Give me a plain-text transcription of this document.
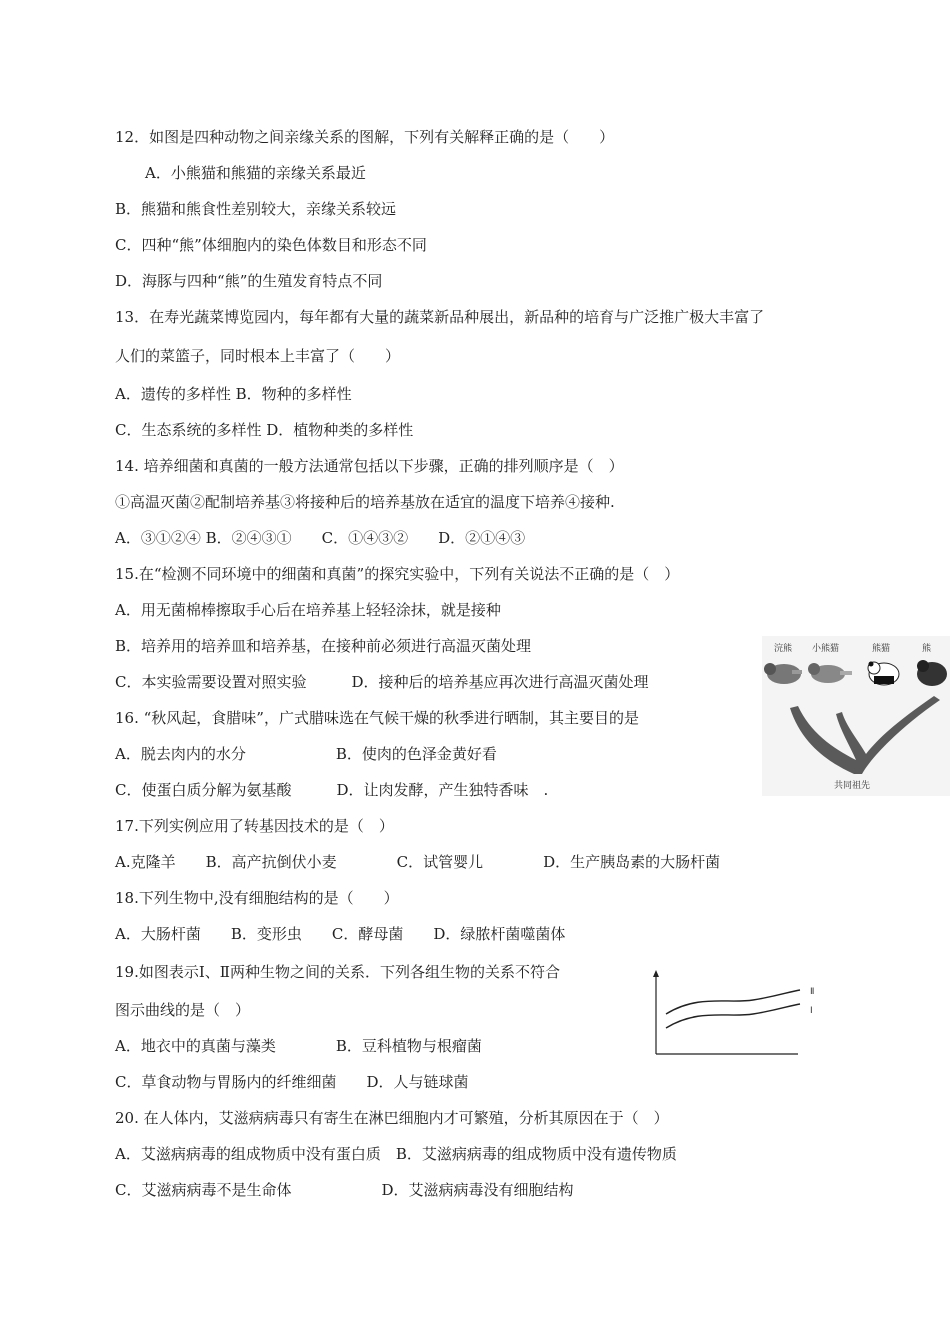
12．如图是四种动物之间亲缘关系的图解，下列有关解释正确的是（　　）
A．小熊猫和熊猫的亲缘关系最近
B．熊猫和熊食性差别较大，亲缘关系较远
C．四种“熊”体细胞内的染色体数目和形态不同
D．海豚与四种“熊”的生殖发育特点不同
13．在寿光蔬菜博览园内，每年都有大量的蔬菜新品种展出，新品种的培育与广泛推广极大丰富了
人们的菜篮子，同时根本上丰富了（　　）
A．遗传的多样性 B．物种的多样性
C．生态系统的多样性 D．植物种类的多样性
14. 培养细菌和真菌的一般方法通常包括以下步骤，正确的排列顺序是（　）
①高温灭菌②配制培养基③将接种后的培养基放在适宜的温度下培养④接种.
A．③①②④ B．②④③①　　C．①④③②　　D．②①④③
15.在“检测不同环境中的细菌和真菌”的探究实验中，下列有关说法不正确的是（　）
A．用无菌棉棒擦取手心后在培养基上轻轻涂抹，就是接种
B．培养用的培养皿和培养基，在接种前必须进行高温灭菌处理
C．本实验需要设置对照实验　　　D．接种后的培养基应再次进行高温灭菌处理
16. “秋风起，食腊味”，广式腊味选在气候干燥的秋季进行晒制，其主要目的是
A．脱去肉内的水分　　　　　　B．使肉的色泽金黄好看
C．使蛋白质分解为氨基酸　　　D．让肉发酵，产生独特香味　.
17.下列实例应用了转基因技术的是（　）
A.克隆羊　　B．高产抗倒伏小麦　　　　C．试管婴儿　　　　D．生产胰岛素的大肠杆菌
18.下列生物中,没有细胞结构的是（　　）
A．大肠杆菌　　B．变形虫　　C．酵母菌　　D．绿脓杆菌噬菌体
19.如图表示Ⅰ、Ⅱ两种生物之间的关系．下列各组生物的关系不符合
图示曲线的是（　）
A．地衣中的真菌与藻类　　　　B．豆科植物与根瘤菌
C．草食动物与胃肠内的纤维细菌　　D．人与链球菌
20. 在人体内，艾滋病病毒只有寄生在淋巴细胞内才可繁殖，分析其原因在于（　）
A．艾滋病病毒的组成物质中没有蛋白质　B．艾滋病病毒的组成物质中没有遗传物质
C．艾滋病病毒不是生命体　　　　　　D．艾滋病病毒没有细胞结构
浣熊 小熊猫	熊猫	熊
共同祖先
Ⅱ
Ⅰ
